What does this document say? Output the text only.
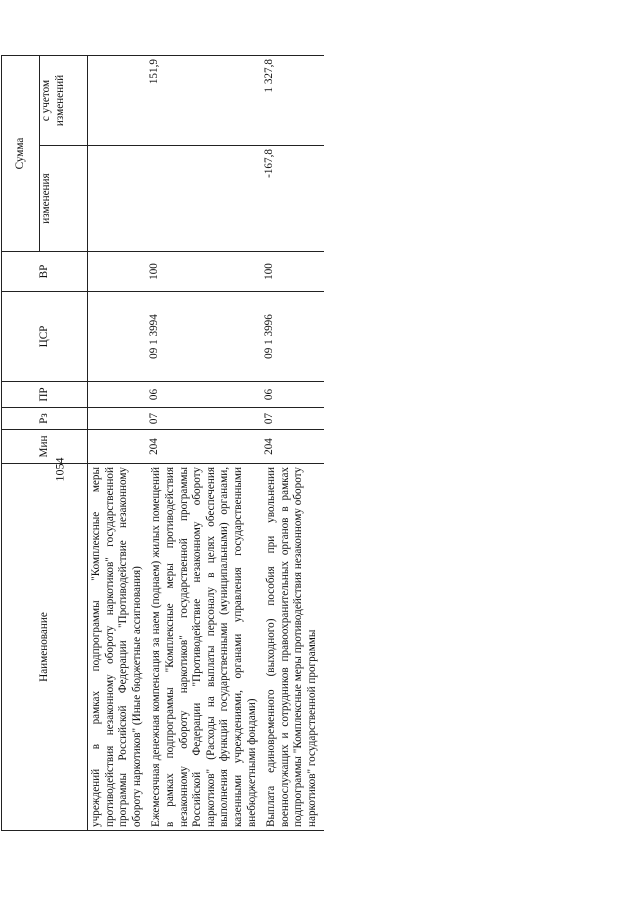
1054
Наименование	Мин	Рз	ПР	ЦСР	ВР	Сумма	
						изменения	с учетом изменений
учреждений в рамках подпрограммы "Комплексные меры противодействия незаконному обороту наркотиков" государственной программы Российской Федерации "Противодействие незаконному обороту наркотиков" (Иные бюджетные ассигнования)							
Ежемесячная денежная компенсация за наем (поднаем) жилых помещений в рамках подпрограммы "Комплексные меры противодействия незаконному обороту наркотиков" государственной программы Российской Федерации "Противодействие незаконному обороту наркотиков" (Расходы на выплаты персоналу в целях обеспечения выполнения функций государственными (муниципальными) органами, казенными учреждениями, органами управления государственными внебюджетными фондами)	204	07	06	09 1 3994	100		151,9
Выплата единовременного (выходного) пособия при увольнении военнослужащих и сотрудников правоохранительных органов в рамках подпрограммы "Комплексные меры противодействия незаконному обороту наркотиков" государственной программы	204	07	06	09 1 3996	100	-167,8	1 327,8
